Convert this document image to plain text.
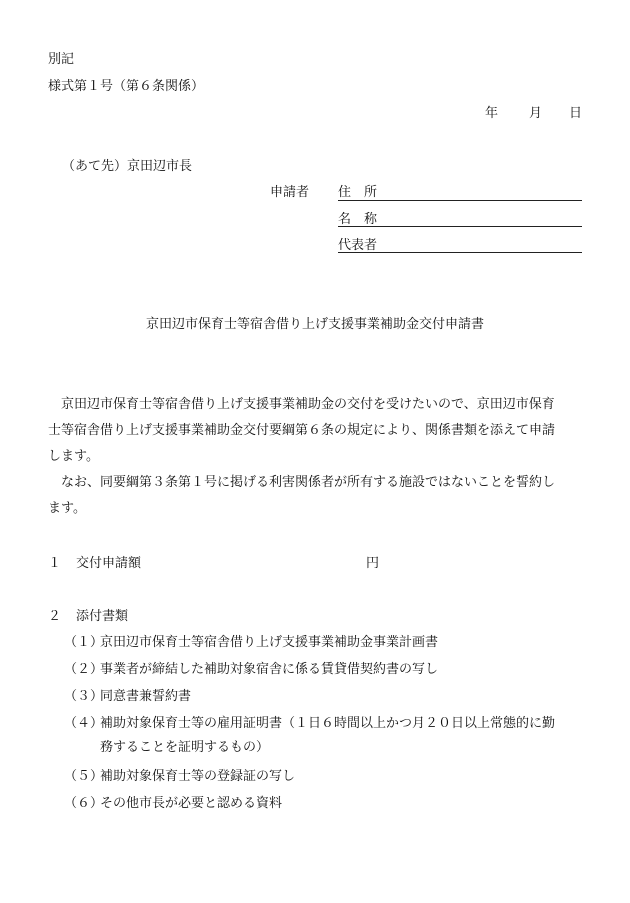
別記
様式第１号（第６条関係）
年 月 日
（あて先）京田辺市長
申請者 住　所
名　称
代表者
京田辺市保育士等宿舎借り上げ支援事業補助金交付申請書
京田辺市保育士等宿舎借り上げ支援事業補助金の交付を受けたいので、京田辺市保育
士等宿舎借り上げ支援事業補助金交付要綱第６条の規定により、関係書類を添えて申請
します。
なお、同要綱第３条第１号に掲げる利害関係者が所有する施設ではないことを誓約し
ます。
１ 交付申請額	円
２ 添付書類
（１）京田辺市保育士等宿舎借り上げ支援事業補助金事業計画書
（２）事業者が締結した補助対象宿舎に係る賃貸借契約書の写し
（３）同意書兼誓約書
（４）補助対象保育士等の雇用証明書（１日６時間以上かつ月２０日以上常態的に勤
務することを証明するもの）
（５）補助対象保育士等の登録証の写し
（６）その他市長が必要と認める資料
